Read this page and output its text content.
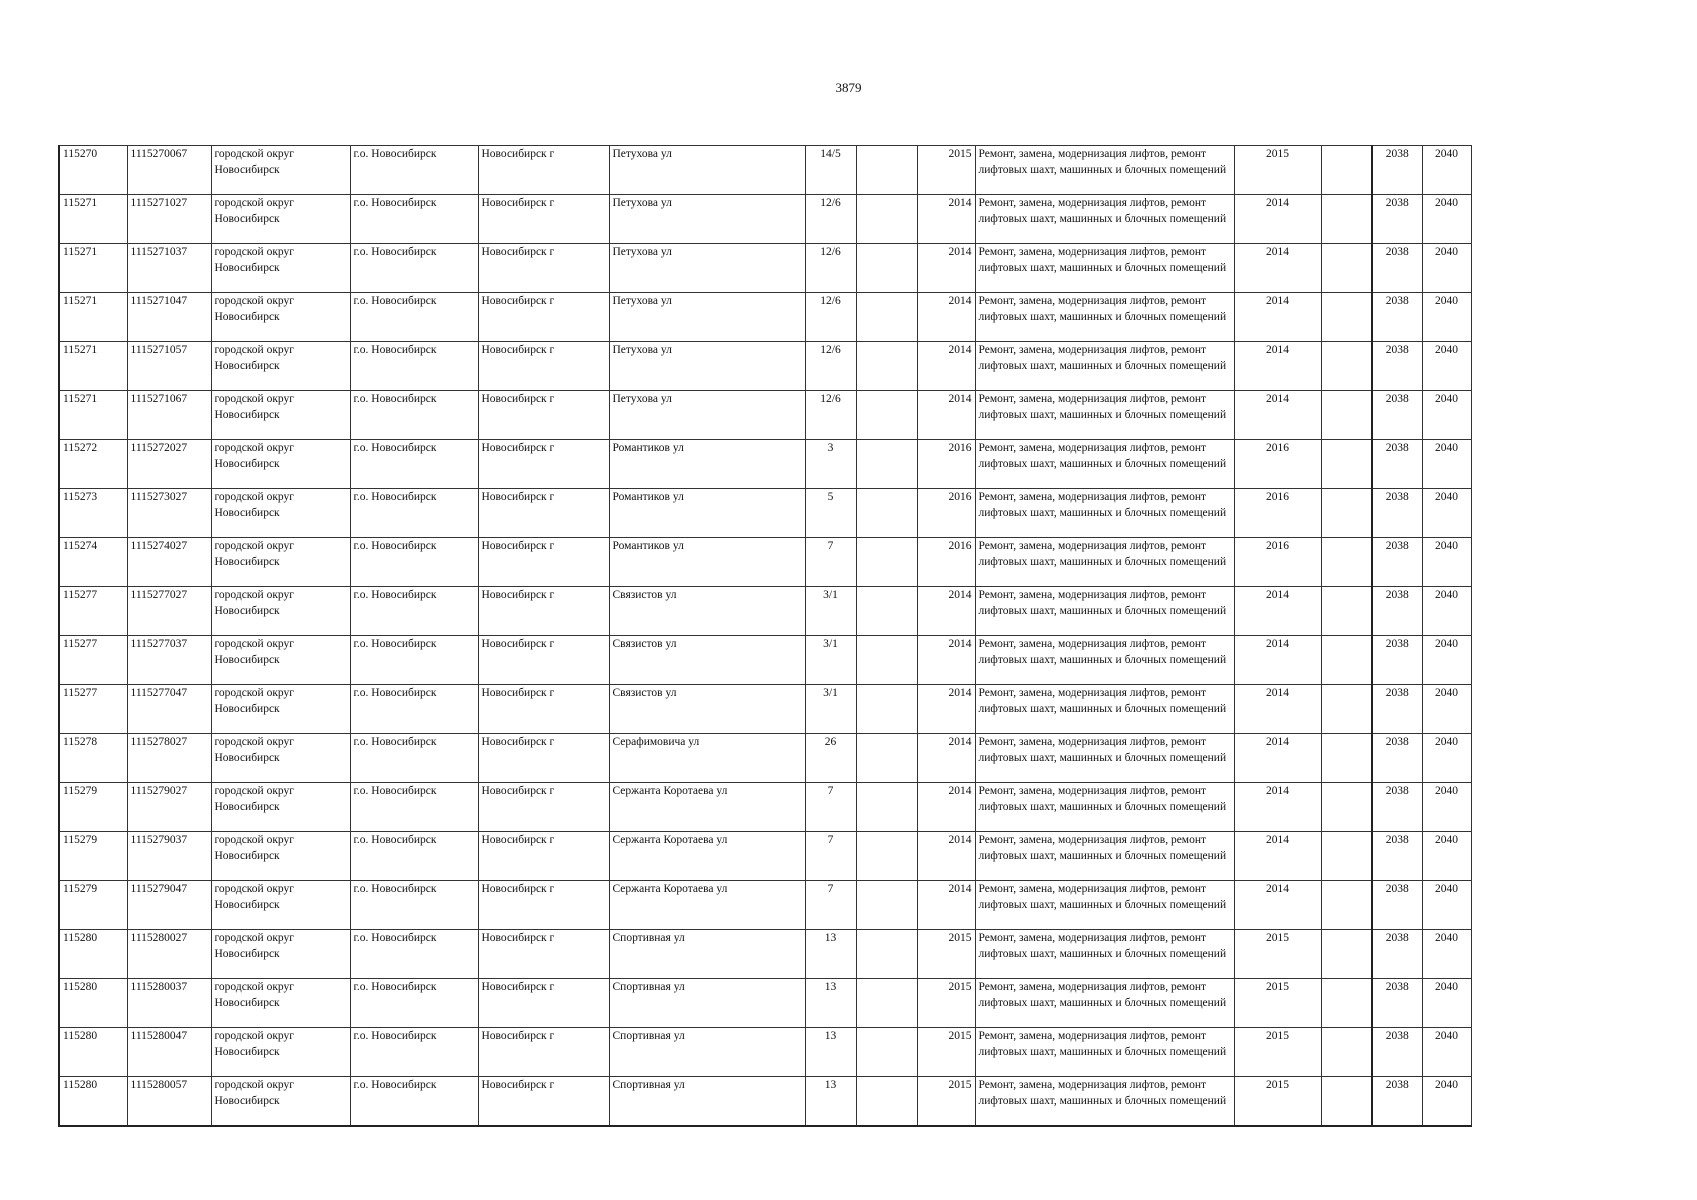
3879
115270	1115270067	городской округ Новосибирск	г.о. Новосибирск	Новосибирск г	Петухова ул	14/5		2015	Ремонт, замена, модернизация лифтов, ремонт лифтовых шахт, машинных и блочных помещений	2015		2038	2040
115271	1115271027	городской округ Новосибирск	г.о. Новосибирск	Новосибирск г	Петухова ул	12/6		2014	Ремонт, замена, модернизация лифтов, ремонт лифтовых шахт, машинных и блочных помещений	2014		2038	2040
115271	1115271037	городской округ Новосибирск	г.о. Новосибирск	Новосибирск г	Петухова ул	12/6		2014	Ремонт, замена, модернизация лифтов, ремонт лифтовых шахт, машинных и блочных помещений	2014		2038	2040
115271	1115271047	городской округ Новосибирск	г.о. Новосибирск	Новосибирск г	Петухова ул	12/6		2014	Ремонт, замена, модернизация лифтов, ремонт лифтовых шахт, машинных и блочных помещений	2014		2038	2040
115271	1115271057	городской округ Новосибирск	г.о. Новосибирск	Новосибирск г	Петухова ул	12/6		2014	Ремонт, замена, модернизация лифтов, ремонт лифтовых шахт, машинных и блочных помещений	2014		2038	2040
115271	1115271067	городской округ Новосибирск	г.о. Новосибирск	Новосибирск г	Петухова ул	12/6		2014	Ремонт, замена, модернизация лифтов, ремонт лифтовых шахт, машинных и блочных помещений	2014		2038	2040
115272	1115272027	городской округ Новосибирск	г.о. Новосибирск	Новосибирск г	Романтиков ул	3		2016	Ремонт, замена, модернизация лифтов, ремонт лифтовых шахт, машинных и блочных помещений	2016		2038	2040
115273	1115273027	городской округ Новосибирск	г.о. Новосибирск	Новосибирск г	Романтиков ул	5		2016	Ремонт, замена, модернизация лифтов, ремонт лифтовых шахт, машинных и блочных помещений	2016		2038	2040
115274	1115274027	городской округ Новосибирск	г.о. Новосибирск	Новосибирск г	Романтиков ул	7		2016	Ремонт, замена, модернизация лифтов, ремонт лифтовых шахт, машинных и блочных помещений	2016		2038	2040
115277	1115277027	городской округ Новосибирск	г.о. Новосибирск	Новосибирск г	Связистов ул	3/1		2014	Ремонт, замена, модернизация лифтов, ремонт лифтовых шахт, машинных и блочных помещений	2014		2038	2040
115277	1115277037	городской округ Новосибирск	г.о. Новосибирск	Новосибирск г	Связистов ул	3/1		2014	Ремонт, замена, модернизация лифтов, ремонт лифтовых шахт, машинных и блочных помещений	2014		2038	2040
115277	1115277047	городской округ Новосибирск	г.о. Новосибирск	Новосибирск г	Связистов ул	3/1		2014	Ремонт, замена, модернизация лифтов, ремонт лифтовых шахт, машинных и блочных помещений	2014		2038	2040
115278	1115278027	городской округ Новосибирск	г.о. Новосибирск	Новосибирск г	Серафимовича ул	26		2014	Ремонт, замена, модернизация лифтов, ремонт лифтовых шахт, машинных и блочных помещений	2014		2038	2040
115279	1115279027	городской округ Новосибирск	г.о. Новосибирск	Новосибирск г	Сержанта Коротаева ул	7		2014	Ремонт, замена, модернизация лифтов, ремонт лифтовых шахт, машинных и блочных помещений	2014		2038	2040
115279	1115279037	городской округ Новосибирск	г.о. Новосибирск	Новосибирск г	Сержанта Коротаева ул	7		2014	Ремонт, замена, модернизация лифтов, ремонт лифтовых шахт, машинных и блочных помещений	2014		2038	2040
115279	1115279047	городской округ Новосибирск	г.о. Новосибирск	Новосибирск г	Сержанта Коротаева ул	7		2014	Ремонт, замена, модернизация лифтов, ремонт лифтовых шахт, машинных и блочных помещений	2014		2038	2040
115280	1115280027	городской округ Новосибирск	г.о. Новосибирск	Новосибирск г	Спортивная ул	13		2015	Ремонт, замена, модернизация лифтов, ремонт лифтовых шахт, машинных и блочных помещений	2015		2038	2040
115280	1115280037	городской округ Новосибирск	г.о. Новосибирск	Новосибирск г	Спортивная ул	13		2015	Ремонт, замена, модернизация лифтов, ремонт лифтовых шахт, машинных и блочных помещений	2015		2038	2040
115280	1115280047	городской округ Новосибирск	г.о. Новосибирск	Новосибирск г	Спортивная ул	13		2015	Ремонт, замена, модернизация лифтов, ремонт лифтовых шахт, машинных и блочных помещений	2015		2038	2040
115280	1115280057	городской округ Новосибирск	г.о. Новосибирск	Новосибирск г	Спортивная ул	13		2015	Ремонт, замена, модернизация лифтов, ремонт лифтовых шахт, машинных и блочных помещений	2015		2038	2040
